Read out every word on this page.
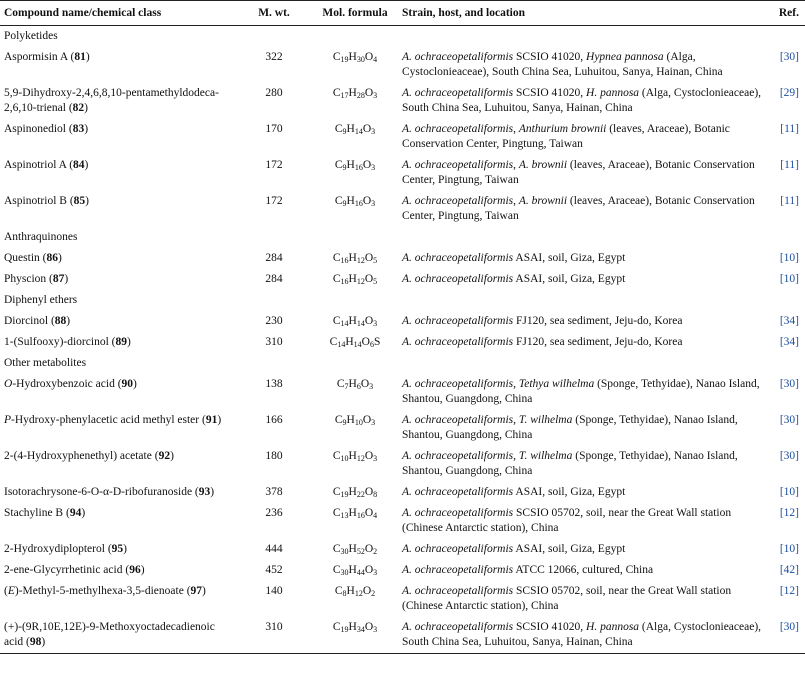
Compound name/chemical class	M. wt.	Mol. formula	Strain, host, and location	Ref.
Polyketides				
Aspormisin A (81)	322	$C_{19}H_{30}O_4$	A. ochraceopetaliformis SCSIO 41020, Hypnea pannosa (Alga, Cystoclonieaceae), South China Sea, Luhuitou, Sanya, Hainan, China	[30]
5,9-Dihydroxy-2,4,6,8,10-pentamethyldodeca-2,6,10-trienal (82)	280	$C_{17}H_{28}O_3$	A. ochraceopetaliformis SCSIO 41020, H. pannosa (Alga, Cystoclonieaceae), South China Sea, Luhuitou, Sanya, Hainan, China	[29]
Aspinonediol (83)	170	$C_9H_{14}O_3$	A. ochraceopetaliformis, Anthurium brownii (leaves, Araceae), Botanic Conservation Center, Pingtung, Taiwan	[11]
Aspinotriol A (84)	172	$C_9H_{16}O_3$	A. ochraceopetaliformis, A. brownii (leaves, Araceae), Botanic Conservation Center, Pingtung, Taiwan	[11]
Aspinotriol B (85)	172	$C_9H_{16}O_3$	A. ochraceopetaliformis, A. brownii (leaves, Araceae), Botanic Conservation Center, Pingtung, Taiwan	[11]
Anthraquinones				
Questin (86)	284	$C_{16}H_{12}O_5$	A. ochraceopetaliformis ASAI, soil, Giza, Egypt	[10]
Physcion (87)	284	$C_{16}H_{12}O_5$	A. ochraceopetaliformis ASAI, soil, Giza, Egypt	[10]
Diphenyl ethers				
Diorcinol (88)	230	$C_{14}H_{14}O_3$	A. ochraceopetaliformis FJ120, sea sediment, Jeju-do, Korea	[34]
1-(Sulfooxy)-diorcinol (89)	310	$C_{14}H_{14}O_6S$	A. ochraceopetaliformis FJ120, sea sediment, Jeju-do, Korea	[34]
Other metabolites				
O-Hydroxybenzoic acid (90)	138	$C_7H_6O_3$	A. ochraceopetaliformis, Tethya wilhelma (Sponge, Tethyidae), Nanao Island, Shantou, Guangdong, China	[30]
P-Hydroxy-phenylacetic acid methyl ester (91)	166	$C_9H_{10}O_3$	A. ochraceopetaliformis, T. wilhelma (Sponge, Tethyidae), Nanao Island, Shantou, Guangdong, China	[30]
2-(4-Hydroxyphenethyl) acetate (92)	180	$C_{10}H_{12}O_3$	A. ochraceopetaliformis, T. wilhelma (Sponge, Tethyidae), Nanao Island, Shantou, Guangdong, China	[30]
Isotorachrysone-6-O-α-D-ribofuranoside (93)	378	$C_{19}H_{22}O_8$	A. ochraceopetaliformis ASAI, soil, Giza, Egypt	[10]
Stachyline B (94)	236	$C_{13}H_{16}O_4$	A. ochraceopetaliformis SCSIO 05702, soil, near the Great Wall station (Chinese Antarctic station), China	[12]
2-Hydroxydiplopterol (95)	444	$C_{30}H_{52}O_2$	A. ochraceopetaliformis ASAI, soil, Giza, Egypt	[10]
2-ene-Glycyrrhetinic acid (96)	452	$C_{30}H_{44}O_3$	A. ochraceopetaliformis ATCC 12066, cultured, China	[42]
(E)-Methyl-5-methylhexa-3,5-dienoate (97)	140	$C_8H_{12}O_2$	A. ochraceopetaliformis SCSIO 05702, soil, near the Great Wall station (Chinese Antarctic station), China	[12]
(+)-(9R,10E,12E)-9-Methoxyoctadecadienoic acid (98)	310	$C_{19}H_{34}O_3$	A. ochraceopetaliformis SCSIO 41020, H. pannosa (Alga, Cystoclonieaceae), South China Sea, Luhuitou, Sanya, Hainan, China	[30]
